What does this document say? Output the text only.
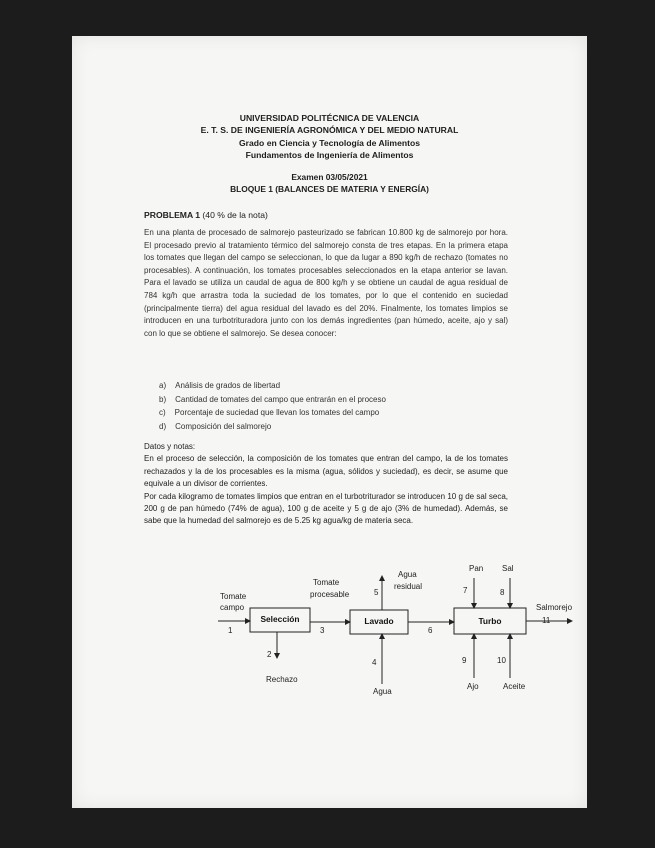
UNIVERSIDAD POLITÉCNICA DE VALENCIA
E. T. S. DE INGENIERÍA AGRONÓMICA Y DEL MEDIO NATURAL
Grado en Ciencia y Tecnología de Alimentos
Fundamentos de Ingeniería de Alimentos
Examen 03/05/2021
BLOQUE 1 (BALANCES DE MATERIA Y ENERGÍA)
PROBLEMA 1 (40 % de la nota)
En una planta de procesado de salmorejo pasteurizado se fabrican 10.800 kg de salmorejo por hora. El procesado previo al tratamiento térmico del salmorejo consta de tres etapas. En la primera etapa los tomates que llegan del campo se seleccionan, lo que da lugar a 890 kg/h de rechazo (tomates no procesables). A continuación, los tomates procesables seleccionados en la etapa anterior se lavan. Para el lavado se utiliza un caudal de agua de 800 kg/h y se obtiene un caudal de agua residual de 784 kg/h que arrastra toda la suciedad de los tomates, por lo que el contenido en suciedad (principalmente tierra) del agua residual del lavado es del 20%. Finalmente, los tomates limpios se introducen en una turbotrituradora junto con los demás ingredientes (pan húmedo, aceite, ajo y sal) con lo que se obtiene el salmorejo. Se desea conocer:
a) Análisis de grados de libertad
b) Cantidad de tomates del campo que entrarán en el proceso
c) Porcentaje de suciedad que llevan los tomates del campo
d) Composición del salmorejo

Datos y notas:

En el proceso de selección, la composición de los tomates que entran del campo, la de los tomates rechazados y la de los procesables es la misma (agua, sólidos y suciedad), es decir, se asume que equivale a un divisor de corrientes.

Por cada kilogramo de tomates limpios que entran en el turbotriturador se introducen 10 g de sal seca, 200 g de pan húmedo (74% de agua), 100 g de aceite y 5 g de ajo (3% de humedad). Además, se sabe que la humedad del salmorejo es de 5.25 kg agua/kg de materia seca.

Selección	Lavado	Turbo
Tomate
campo
Tomate
procesable
Agua
residual
Pan Sal
Salmorejo
Rechazo
Agua
Ajo	Aceite
1
2
3
4
5
6
7	8
9	10
11
